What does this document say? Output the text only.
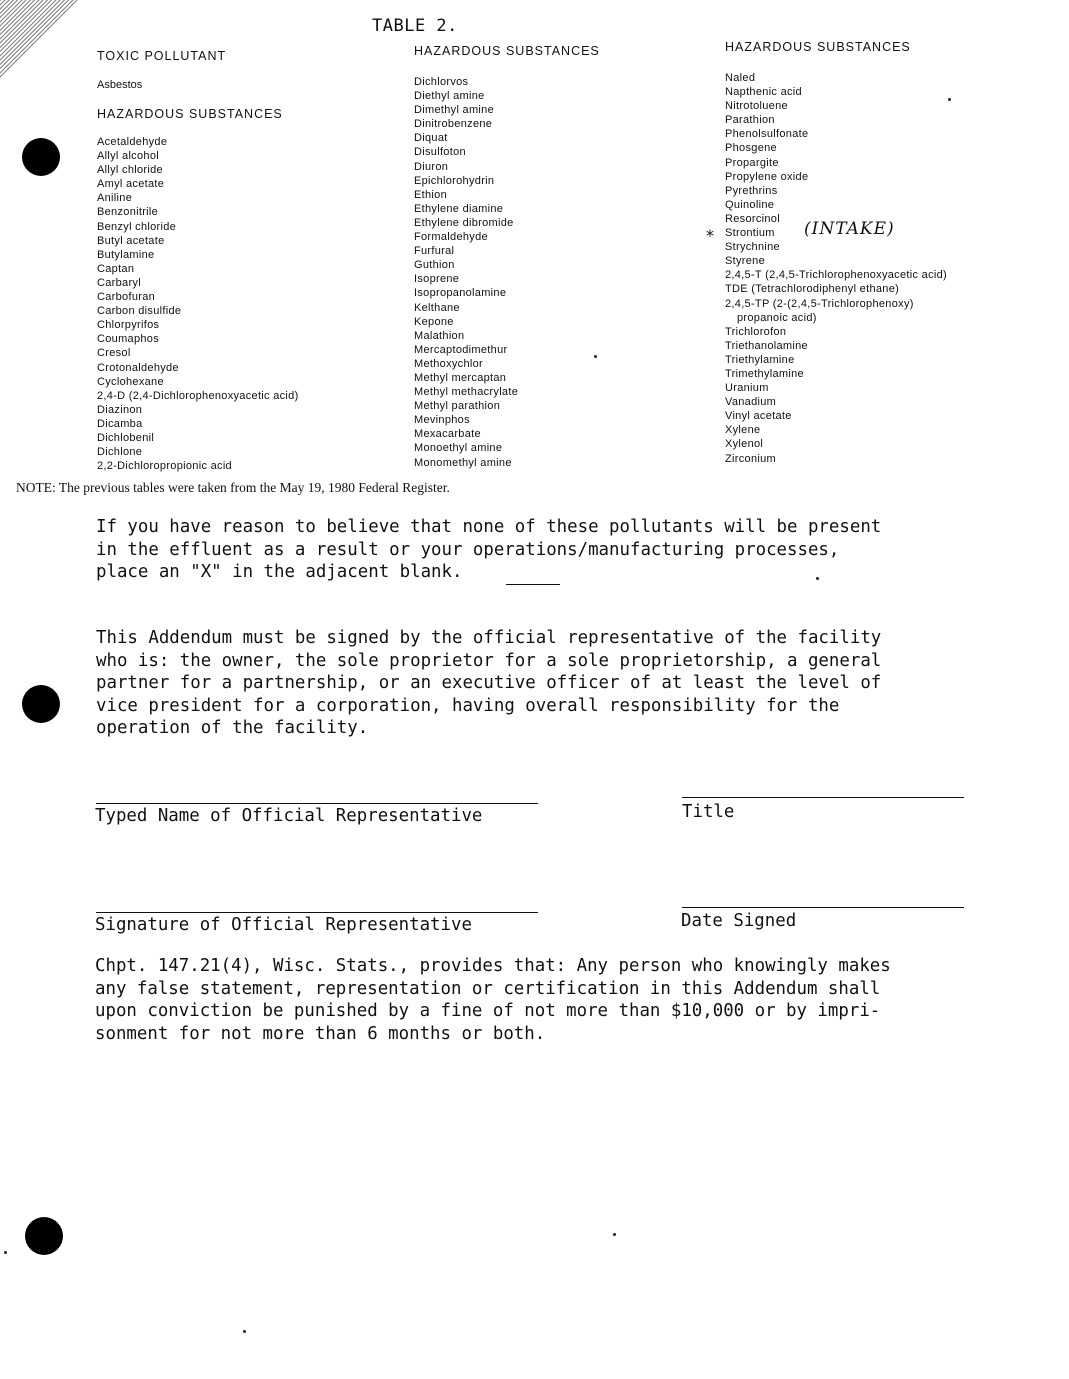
TABLE 2.
TOXIC POLLUTANT
Asbestos
HAZARDOUS SUBSTANCES
Acetaldehyde
Allyl alcohol
Allyl chloride
Amyl acetate
Aniline
Benzonitrile
Benzyl chloride
Butyl acetate
Butylamine
Captan
Carbaryl
Carbofuran
Carbon disulfide
Chlorpyrifos
Coumaphos
Cresol
Crotonaldehyde
Cyclohexane
2,4-D (2,4-Dichlorophenoxyacetic acid)
Diazinon
Dicamba
Dichlobenil
Dichlone
2,2-Dichloropropionic acid
HAZARDOUS SUBSTANCES
Dichlorvos
Diethyl amine
Dimethyl amine
Dinitrobenzene
Diquat
Disulfoton
Diuron
Epichlorohydrin
Ethion
Ethylene diamine
Ethylene dibromide
Formaldehyde
Furfural
Guthion
Isoprene
Isopropanolamine
Kelthane
Kepone
Malathion
Mercaptodimethur
Methoxychlor
Methyl mercaptan
Methyl methacrylate
Methyl parathion
Mevinphos
Mexacarbate
Monoethyl amine
Monomethyl amine
HAZARDOUS SUBSTANCES
Naled
Napthenic acid
Nitrotoluene
Parathion
Phenolsulfonate
Phosgene
Propargite
Propylene oxide
Pyrethrins
Quinoline
Resorcinol
Strontium
Strychnine
Styrene
2,4,5-T (2,4,5-Trichlorophenoxyacetic acid)
TDE (Tetrachlorodiphenyl ethane)
2,4,5-TP (2-(2,4,5-Trichlorophenoxy)
propanoic acid)
Trichlorofon
Triethanolamine
Triethylamine
Trimethylamine
Uranium
Vanadium
Vinyl acetate
Xylene
Xylenol
Zirconium
*	(INTAKE)
NOTE: The previous tables were taken from the May 19, 1980 Federal Register.
If you have reason to believe that none of these pollutants will be present
in the effluent as a result or your operations/manufacturing processes,
place an "X" in the adjacent blank.
This Addendum must be signed by the official representative of the facility
who is: the owner, the sole proprietor for a sole proprietorship, a general
partner for a partnership, or an executive officer of at least the level of
vice president for a corporation, having overall responsibility for the
operation of the facility.
Typed Name of Official Representative	Title
Signature of Official Representative	Date Signed
Chpt. 147.21(4), Wisc. Stats., provides that: Any person who knowingly makes
any false statement, representation or certification in this Addendum shall
upon conviction be punished by a fine of not more than $10,000 or by impri-
sonment for not more than 6 months or both.
